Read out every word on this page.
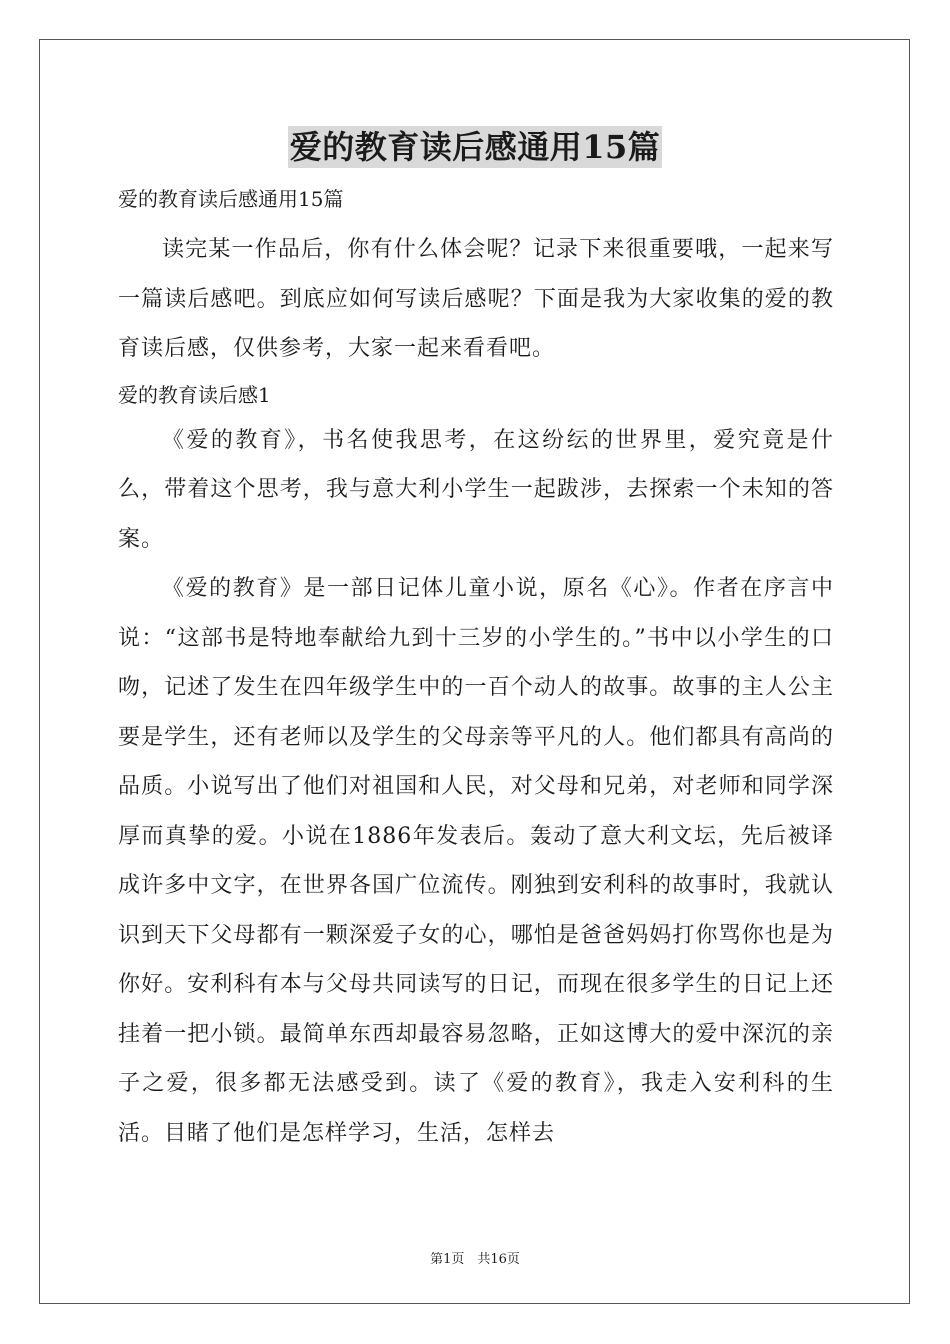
爱的教育读后感通用15篇

爱的教育读后感通用15篇

读完某一作品后，你有什么体会呢？记录下来很重要哦，一起来写一篇读后感吧。到底应如何写读后感呢？下面是我为大家收集的爱的教育读后感，仅供参考，大家一起来看看吧。

爱的教育读后感1

《爱的教育》，书名使我思考，在这纷纭的世界里，爱究竟是什么，带着这个思考，我与意大利小学生一起跋涉，去探索一个未知的答案。

《爱的教育》是一部日记体儿童小说，原名《心》。作者在序言中说：“这部书是特地奉献给九到十三岁的小学生的。”书中以小学生的口吻，记述了发生在四年级学生中的一百个动人的故事。故事的主人公主要是学生，还有老师以及学生的父母亲等平凡的人。他们都具有高尚的品质。小说写出了他们对祖国和人民，对父母和兄弟，对老师和同学深厚而真挚的爱。小说在1886年发表后。轰动了意大利文坛，先后被译成许多中文字，在世界各国广位流传。刚独到安利科的故事时，我就认识到天下父母都有一颗深爱子女的心，哪怕是爸爸妈妈打你骂你也是为你好。安利科有本与父母共同读写的日记，而现在很多学生的日记上还挂着一把小锁。最简单东西却最容易忽略，正如这博大的爱中深沉的亲子之爱，很多都无法感受到。读了《爱的教育》，我走入安利科的生活。目睹了他们是怎样学习，生活，怎样去

第1页　共16页
